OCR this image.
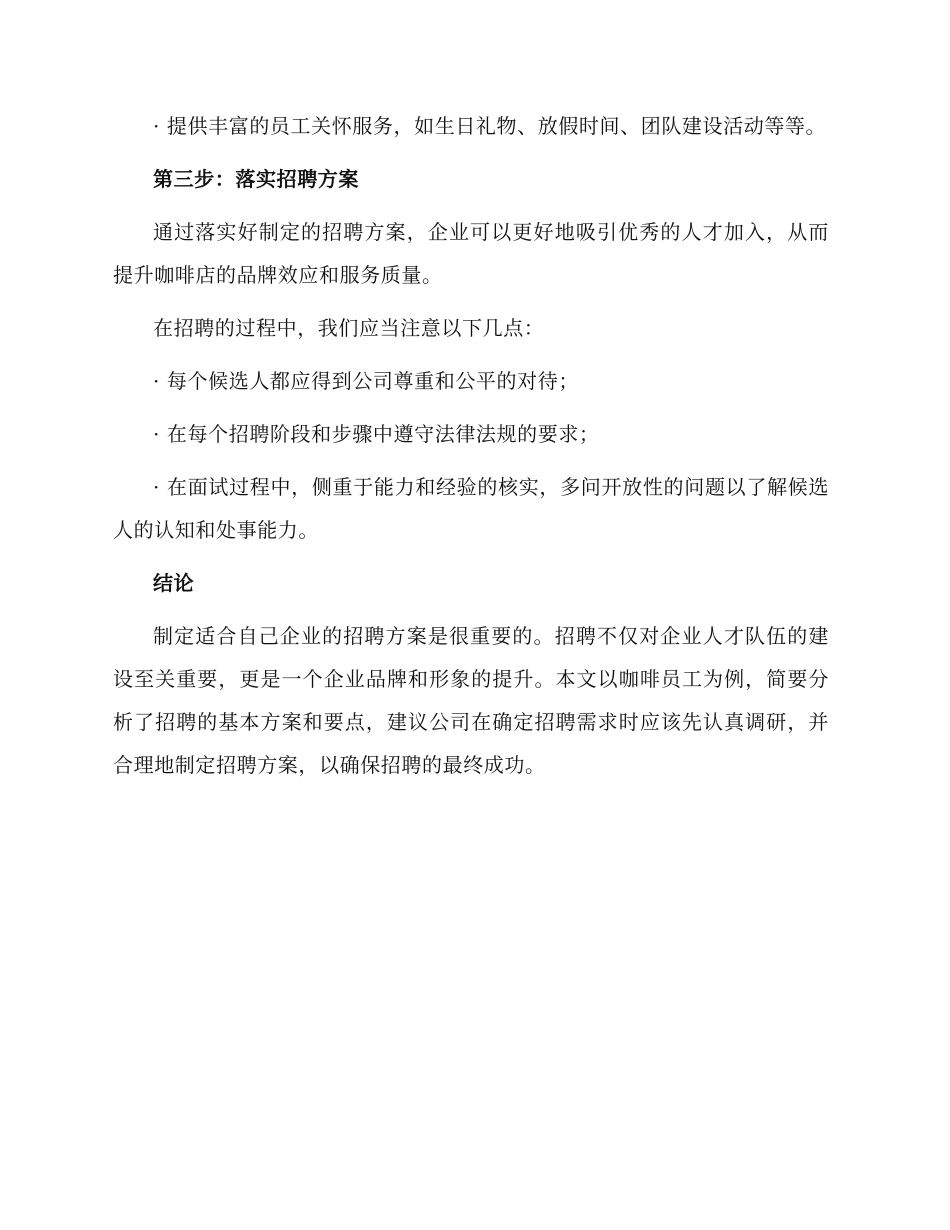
· 提供丰富的员工关怀服务，如生日礼物、放假时间、团队建设活动等等。

第三步：落实招聘方案

通过落实好制定的招聘方案，企业可以更好地吸引优秀的人才加入，从而提升咖啡店的品牌效应和服务质量。

在招聘的过程中，我们应当注意以下几点：

· 每个候选人都应得到公司尊重和公平的对待；

· 在每个招聘阶段和步骤中遵守法律法规的要求；

· 在面试过程中，侧重于能力和经验的核实，多问开放性的问题以了解候选人的认知和处事能力。

结论

制定适合自己企业的招聘方案是很重要的。招聘不仅对企业人才队伍的建设至关重要，更是一个企业品牌和形象的提升。本文以咖啡员工为例，简要分析了招聘的基本方案和要点，建议公司在确定招聘需求时应该先认真调研，并合理地制定招聘方案，以确保招聘的最终成功。
